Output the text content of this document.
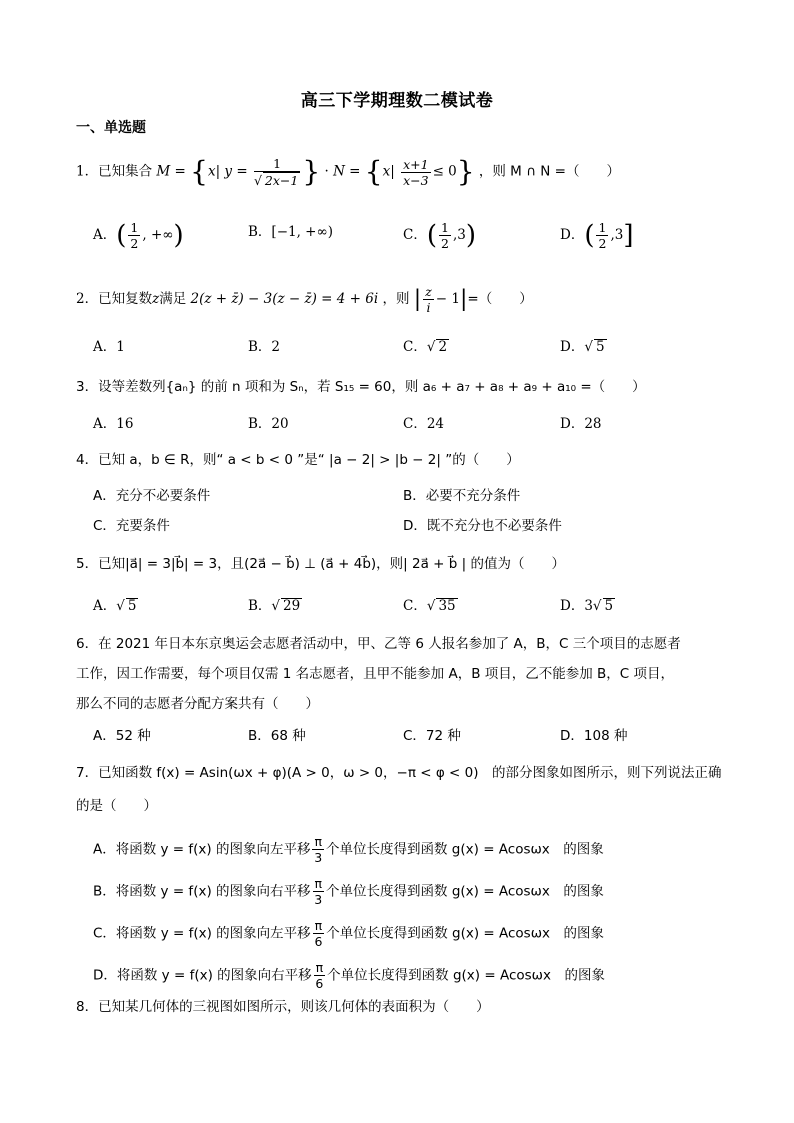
高三下学期理数二模试卷
一、单选题
1．已知集合 M = {x| $y = \frac{1}{√ 2x-1}$ } · $N = \{x| \frac{x+1}{x-3} \le 0\}$ ，则 M ∩ N =（　　）
A．( $\frac{1}{2}$ , +∞)	B．[−1, +∞)	C．( $\frac{1}{2} ,3$)	D．( $\frac{1}{2} ,3$]
2．已知复数z满足 2(z + z̄) − 3(z − z̄) = 4 + 6i ，则 | $\frac{z}{i} - 1|=$（　　）
A．1	B．2	C．√ 2	D．√ 5
3．设等差数列{aₙ} 的前 n 项和为 Sₙ，若 S₁₅ = 60，则 a₆ + a₇ + a₈ + a₉ + a₁₀ =（　　）
A．16	B．20	C．24	D．28
4．已知 a，b ∈ R，则“ a < b < 0 ”是“ |a − 2| > |b − 2| ”的（　　）
A．充分不必要条件	B．必要不充分条件
C．充要条件	D．既不充分也不必要条件
5．已知|a⃗| = 3|b⃗| = 3，且(2a⃗ − b⃗) ⊥ (a⃗ + 4b⃗)，则| 2a⃗ + b⃗ | 的值为（　　）
A．√ 5	B．√ 29	C．√ 35	D．3√ 5
6．在 2021 年日本东京奥运会志愿者活动中，甲、乙等 6 人报名参加了 A，B，C 三个项目的志愿者
工作，因工作需要，每个项目仅需 1 名志愿者，且甲不能参加 A，B 项目，乙不能参加 B，C 项目，
那么不同的志愿者分配方案共有（　　）
A．52 种	B．68 种	C．72 种	D．108 种
7．已知函数 f(x) = Asin(ωx + φ)(A > 0，ω > 0，−π < φ < 0)　的部分图象如图所示，则下列说法正确
的是（　　）
A．将函数 y = f(x) 的图象向左平移 $\frac{\pi}{3}$ 个单位长度得到函数 g(x) = Acosωx　的图象
B．将函数 y = f(x) 的图象向右平移 $\frac{\pi}{3}$ 个单位长度得到函数 g(x) = Acosωx　的图象
C．将函数 y = f(x) 的图象向左平移 $\frac{\pi}{6}$ 个单位长度得到函数 g(x) = Acosωx　的图象
D．将函数 y = f(x) 的图象向右平移 $\frac{\pi}{6}$ 个单位长度得到函数 g(x) = Acosωx　的图象
8．已知某几何体的三视图如图所示，则该几何体的表面积为（　　）
